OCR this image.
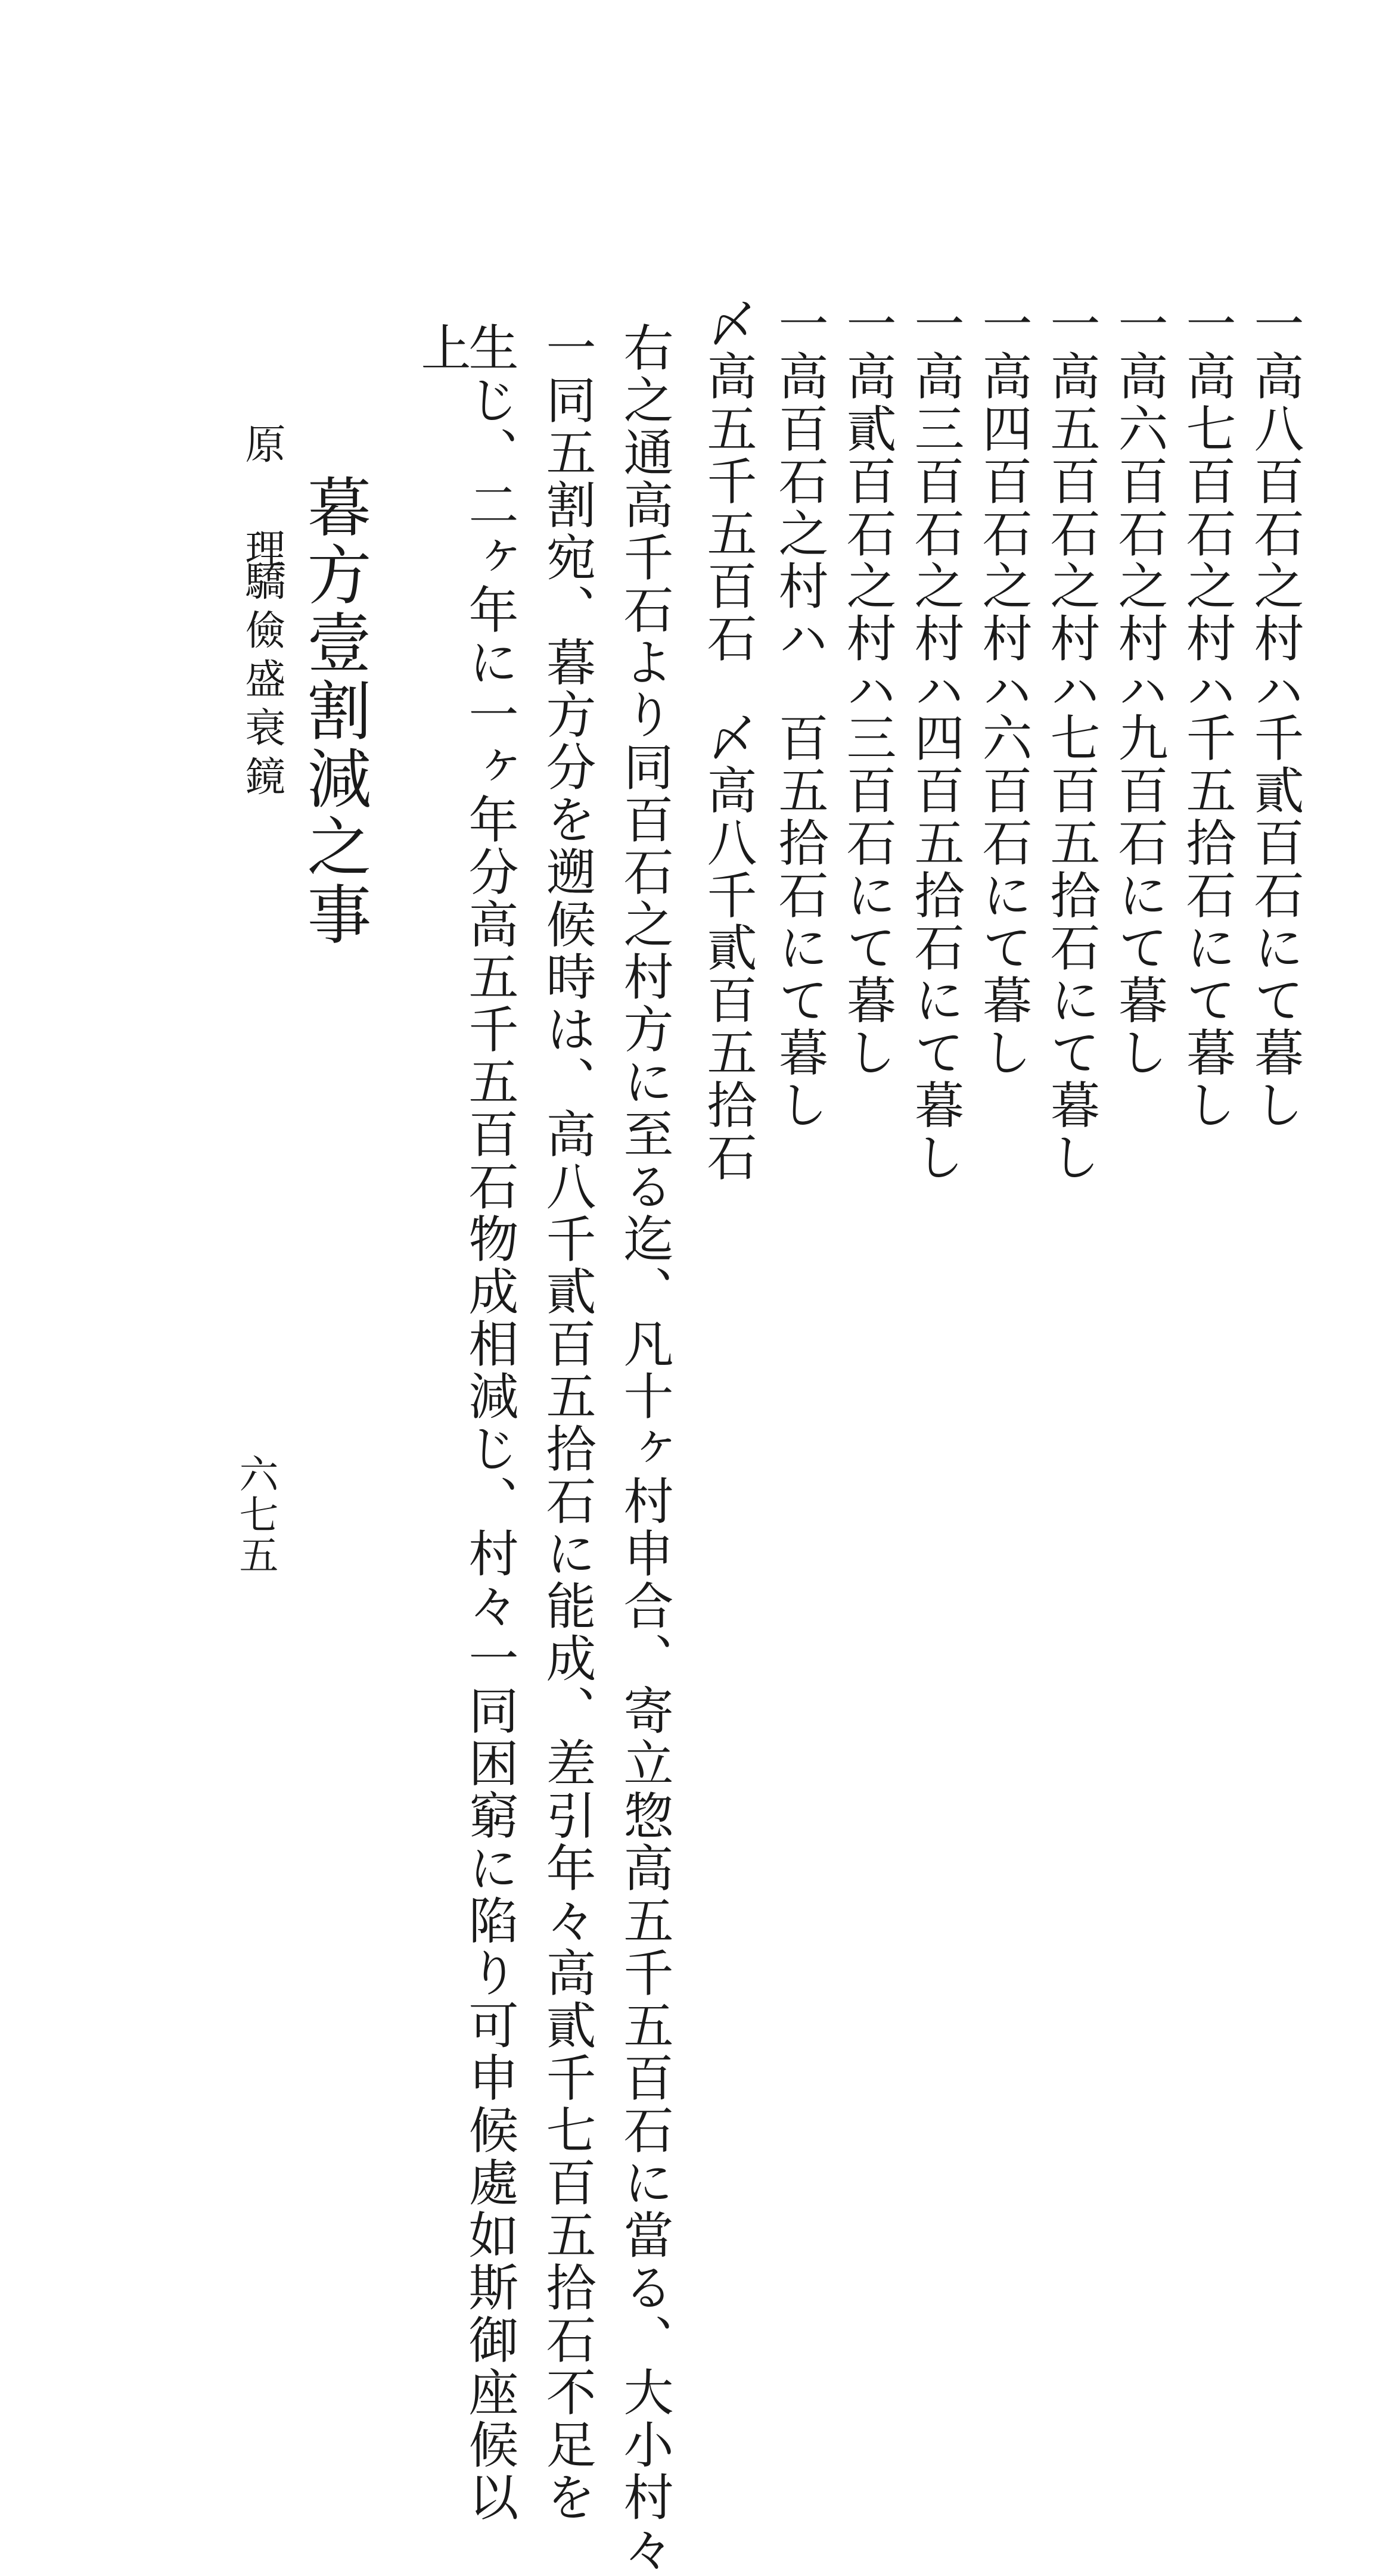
一高八百石之村ハ
千貳百石にて暮し
一高七百石之村ハ
千五拾石にて暮し
一高六百石之村ハ
九百石にて暮し
一高五百石之村ハ
七百五拾石にて暮し
一高四百石之村ハ
六百石にて暮し
一高三百石之村ハ
四百五拾石にて暮し
一高貳百石之村ハ
三百石にて暮し
一高百石之村ハ
百五拾石にて暮し
〆高五千五百石
〆高八千貳百五拾石
右之通高千石より同百石之村方に至る迄、凡十ヶ村申合、寄立惣高五千五百石に當る、大小村々
一同五割宛、暮方分を遡候時は、高八千貳百五拾石に能成、差引年々高貳千七百五拾石不足を
生じ、二ヶ年に一ヶ年分高五千五百石物成相減じ、村々一同困窮に陷り可申候處如斯御座候以
上
暮方壹割減之事
原　理
驕儉盛衰鏡
六七五
